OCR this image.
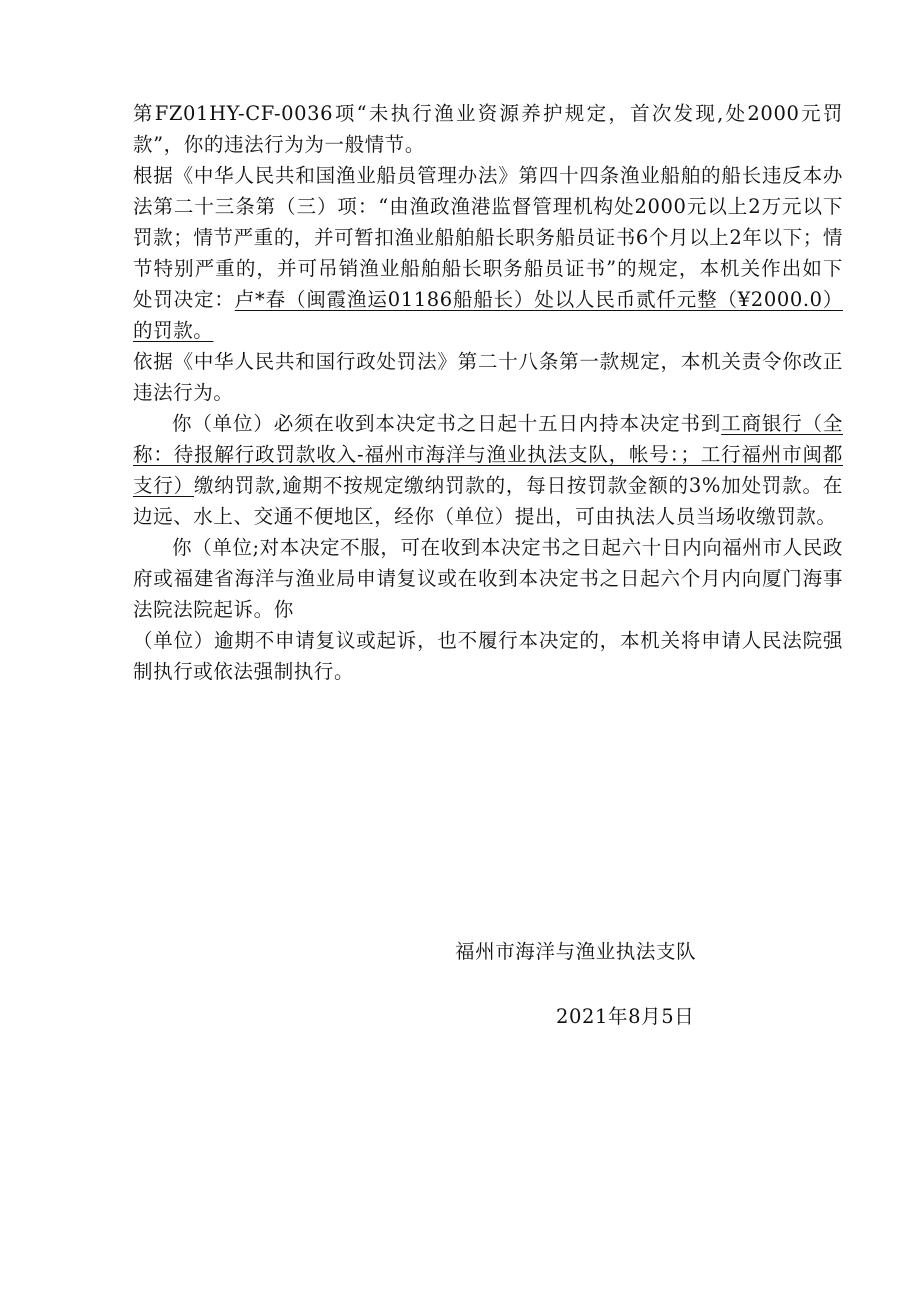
第FZ01HY-CF-0036项“未执行渔业资源养护规定，首次发现,处2000元罚款”，你的违法行为为一般情节。

根据《中华人民共和国渔业船员管理办法》第四十四条渔业船舶的船长违反本办法第二十三条第（三）项：“由渔政渔港监督管理机构处2000元以上2万元以下罚款；情节严重的，并可暂扣渔业船舶船长职务船员证书6个月以上2年以下；情节特别严重的，并可吊销渔业船舶船长职务船员证书”的规定，本机关作出如下处罚决定：卢*春（闽霞渔运01186船船长）处以人民币贰仟元整（¥2000.0）的罚款。

依据《中华人民共和国行政处罚法》第二十八条第一款规定，本机关责令你改正违法行为。

你（单位）必须在收到本决定书之日起十五日内持本决定书到工商银行（全称：待报解行政罚款收入-福州市海洋与渔业执法支队，帐号：；工行福州市闽都支行）缴纳罚款,逾期不按规定缴纳罚款的，每日按罚款金额的3%加处罚款。在边远、水上、交通不便地区，经你（单位）提出，可由执法人员当场收缴罚款。

你（单位;对本决定不服，可在收到本决定书之日起六十日内向福州市人民政府或福建省海洋与渔业局申请复议或在收到本决定书之日起六个月内向厦门海事法院法院起诉。你

（单位）逾期不申请复议或起诉，也不履行本决定的，本机关将申请人民法院强制执行或依法强制执行。

福州市海洋与渔业执法支队
2021年8月5日
